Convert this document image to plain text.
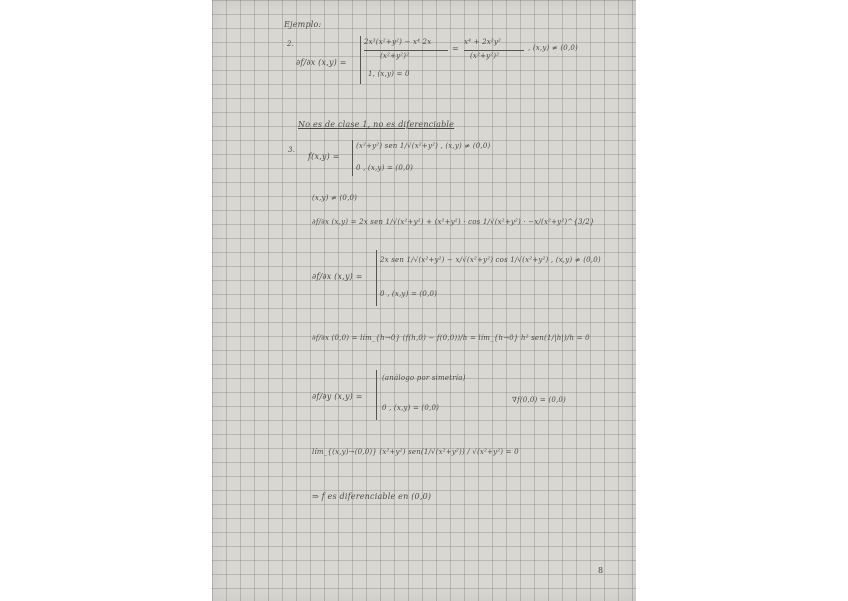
Ejemplo:
2.
∂f/∂x (x,y) =
2x³(x²+y²) − x⁴ 2x
(x²+y²)²
=
x⁴ + 2x²y²
(x²+y²)²
, (x,y) ≠ (0,0)
1, (x,y) = 0
No es de clase 1, no es diferenciable
3.
f(x,y) =
(x²+y²) sen 1/√(x²+y²) , (x,y) ≠ (0,0)
0 , (x,y) = (0,0)
(x,y) ≠ (0,0)
∂f/∂x (x,y) = 2x sen 1/√(x²+y²) + (x²+y²) · cos 1/√(x²+y²) · −x/(x²+y²)^{3/2}
∂f/∂x (x,y) =
2x sen 1/√(x²+y²) − x/√(x²+y²) cos 1/√(x²+y²) , (x,y) ≠ (0,0)
0 , (x,y) = (0,0)
∂f/∂x (0,0) = lím_{h→0} (f(h,0) − f(0,0))/h = lím_{h→0} h² sen(1/|h|)/h = 0
∂f/∂y (x,y) =
(análogo por simetría)
0 , (x,y) = (0,0)
∇f(0,0) = (0,0)
lím_{(x,y)→(0,0)} (x²+y²) sen(1/√(x²+y²)) / √(x²+y²) = 0
⇒ f es diferenciable en (0,0)
8
